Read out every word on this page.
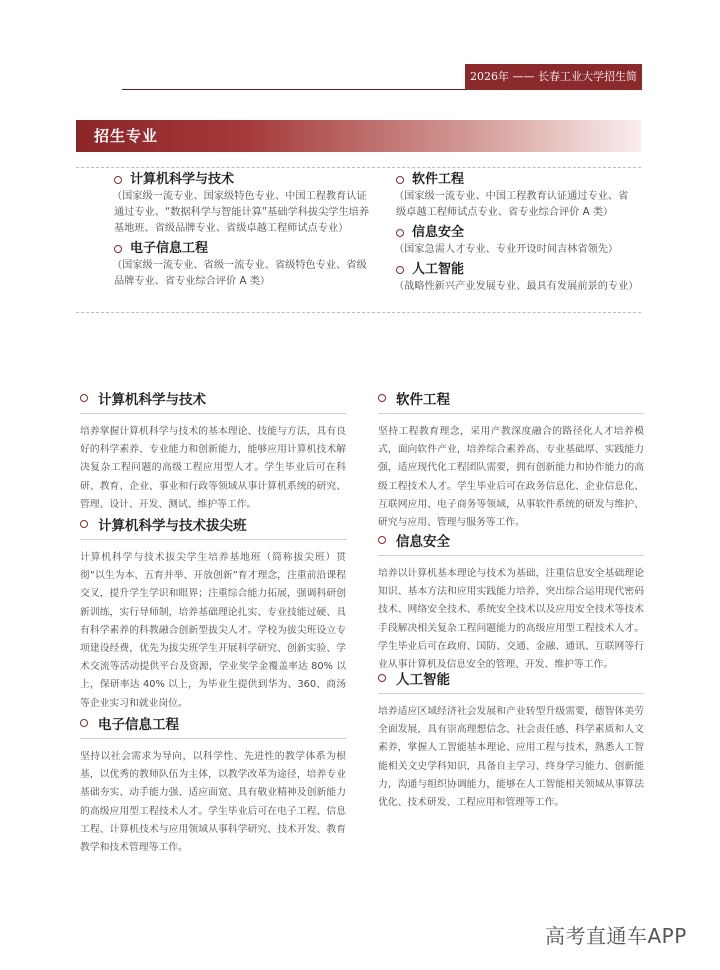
2026年 —— 长春工业大学招生简章
招生专业
计算机科学与技术
（国家级一流专业、国家级特色专业、中国工程教育认证通过专业、“数据科学与智能计算”基础学科拔尖学生培养基地班、省级品牌专业、省级卓越工程师试点专业）
电子信息工程
（国家级一流专业、省级一流专业、省级特色专业、省级品牌专业、省专业综合评价 A 类）
软件工程
（国家级一流专业、中国工程教育认证通过专业、省级卓越工程师试点专业、省专业综合评价 A 类）
信息安全
（国家急需人才专业、专业开设时间吉林省领先）
人工智能
（战略性新兴产业发展专业、最具有发展前景的专业）
计算机科学与技术
培养掌握计算机科学与技术的基本理论、技能与方法，具有良好的科学素养、专业能力和创新能力，能够应用计算机技术解决复杂工程问题的高级工程应用型人才。学生毕业后可在科研、教育、企业、事业和行政等领域从事计算机系统的研究、管理、设计、开发、测试、维护等工作。
计算机科学与技术拔尖班
计算机科学与技术拔尖学生培养基地班（简称拔尖班）贯彻“以生为本、五育并举、开放创新”育才理念，注重前沿课程交叉，提升学生学识和眼界；注重综合能力拓展，强调科研创新训练，实行导师制，培养基础理论扎实、专业技能过硬、具有科学素养的科教融合创新型拔尖人才。学校为拔尖班设立专项建设经费，优先为拔尖班学生开展科学研究、创新实验、学术交流等活动提供平台及资源，学业奖学金覆盖率达 80% 以上，保研率达 40% 以上，为毕业生提供到华为、360、商汤等企业实习和就业岗位。
电子信息工程
坚持以社会需求为导向，以科学性、先进性的教学体系为根基，以优秀的教师队伍为主体，以教学改革为途径，培养专业基础夯实、动手能力强、适应面宽、具有敬业精神及创新能力的高级应用型工程技术人才。学生毕业后可在电子工程、信息工程、计算机技术与应用领域从事科学研究、技术开发、教育教学和技术管理等工作。
软件工程
坚持工程教育理念，采用产教深度融合的路径化人才培养模式，面向软件产业，培养综合素养高、专业基础厚、实践能力强，适应现代化工程团队需要，拥有创新能力和协作能力的高级工程技术人才。学生毕业后可在政务信息化、企业信息化、互联网应用、电子商务等领域，从事软件系统的研发与维护、研究与应用、管理与服务等工作。
信息安全
培养以计算机基本理论与技术为基础，注重信息安全基础理论知识、基本方法和应用实践能力培养，突出综合运用现代密码技术、网络安全技术、系统安全技术以及应用安全技术等技术手段解决相关复杂工程问题能力的高级应用型工程技术人才。学生毕业后可在政府、国防、交通、金融、通讯、互联网等行业从事计算机及信息安全的管理、开发、维护等工作。
人工智能
培养适应区域经济社会发展和产业转型升级需要，德智体美劳全面发展，具有崇高理想信念、社会责任感、科学素质和人文素养，掌握人工智能基本理论、应用工程与技术，熟悉人工智能相关文史学科知识，具备自主学习、终身学习能力、创新能力，沟通与组织协调能力，能够在人工智能相关领域从事算法优化、技术研发、工程应用和管理等工作。
高考直通车APP
